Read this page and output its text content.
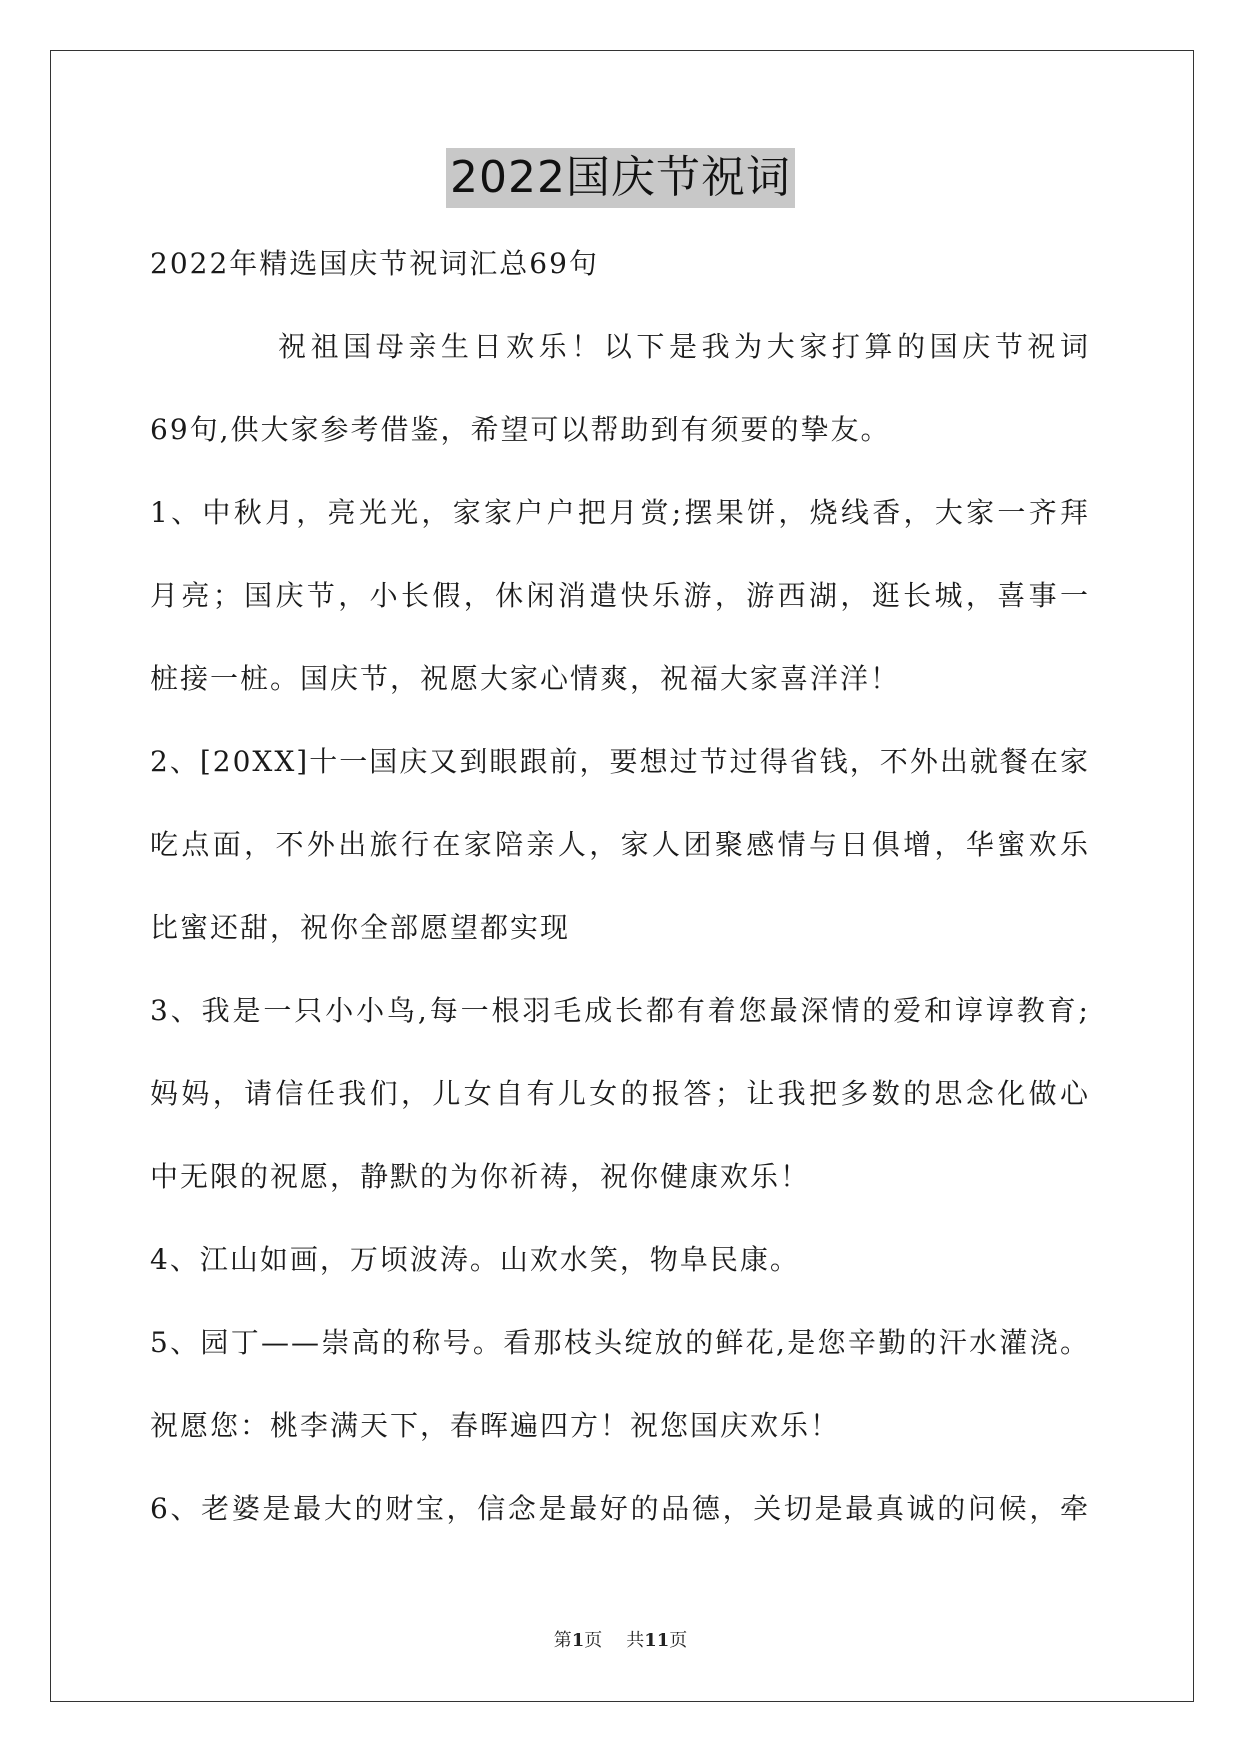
2022国庆节祝词
2022年精选国庆节祝词汇总69句
祝祖国母亲生日欢乐！以下是我为大家打算的国庆节祝词
69句,供大家参考借鉴，希望可以帮助到有须要的挚友。
1、中秋月，亮光光，家家户户把月赏;摆果饼，烧线香，大家一齐拜
月亮；国庆节，小长假，休闲消遣快乐游，游西湖，逛长城，喜事一
桩接一桩。国庆节，祝愿大家心情爽，祝福大家喜洋洋！
2、[20XX]十一国庆又到眼跟前，要想过节过得省钱，不外出就餐在家
吃点面，不外出旅行在家陪亲人，家人团聚感情与日俱增，华蜜欢乐
比蜜还甜，祝你全部愿望都实现
3、我是一只小小鸟,每一根羽毛成长都有着您最深情的爱和谆谆教育;
妈妈，请信任我们，儿女自有儿女的报答；让我把多数的思念化做心
中无限的祝愿，静默的为你祈祷，祝你健康欢乐！
4、江山如画，万顷波涛。山欢水笑，物阜民康。
5、园丁——崇高的称号。看那枝头绽放的鲜花,是您辛勤的汗水灌浇。
祝愿您：桃李满天下，春晖遍四方！祝您国庆欢乐！
6、老婆是最大的财宝，信念是最好的品德，关切是最真诚的问候，牵
第1页 共11页
